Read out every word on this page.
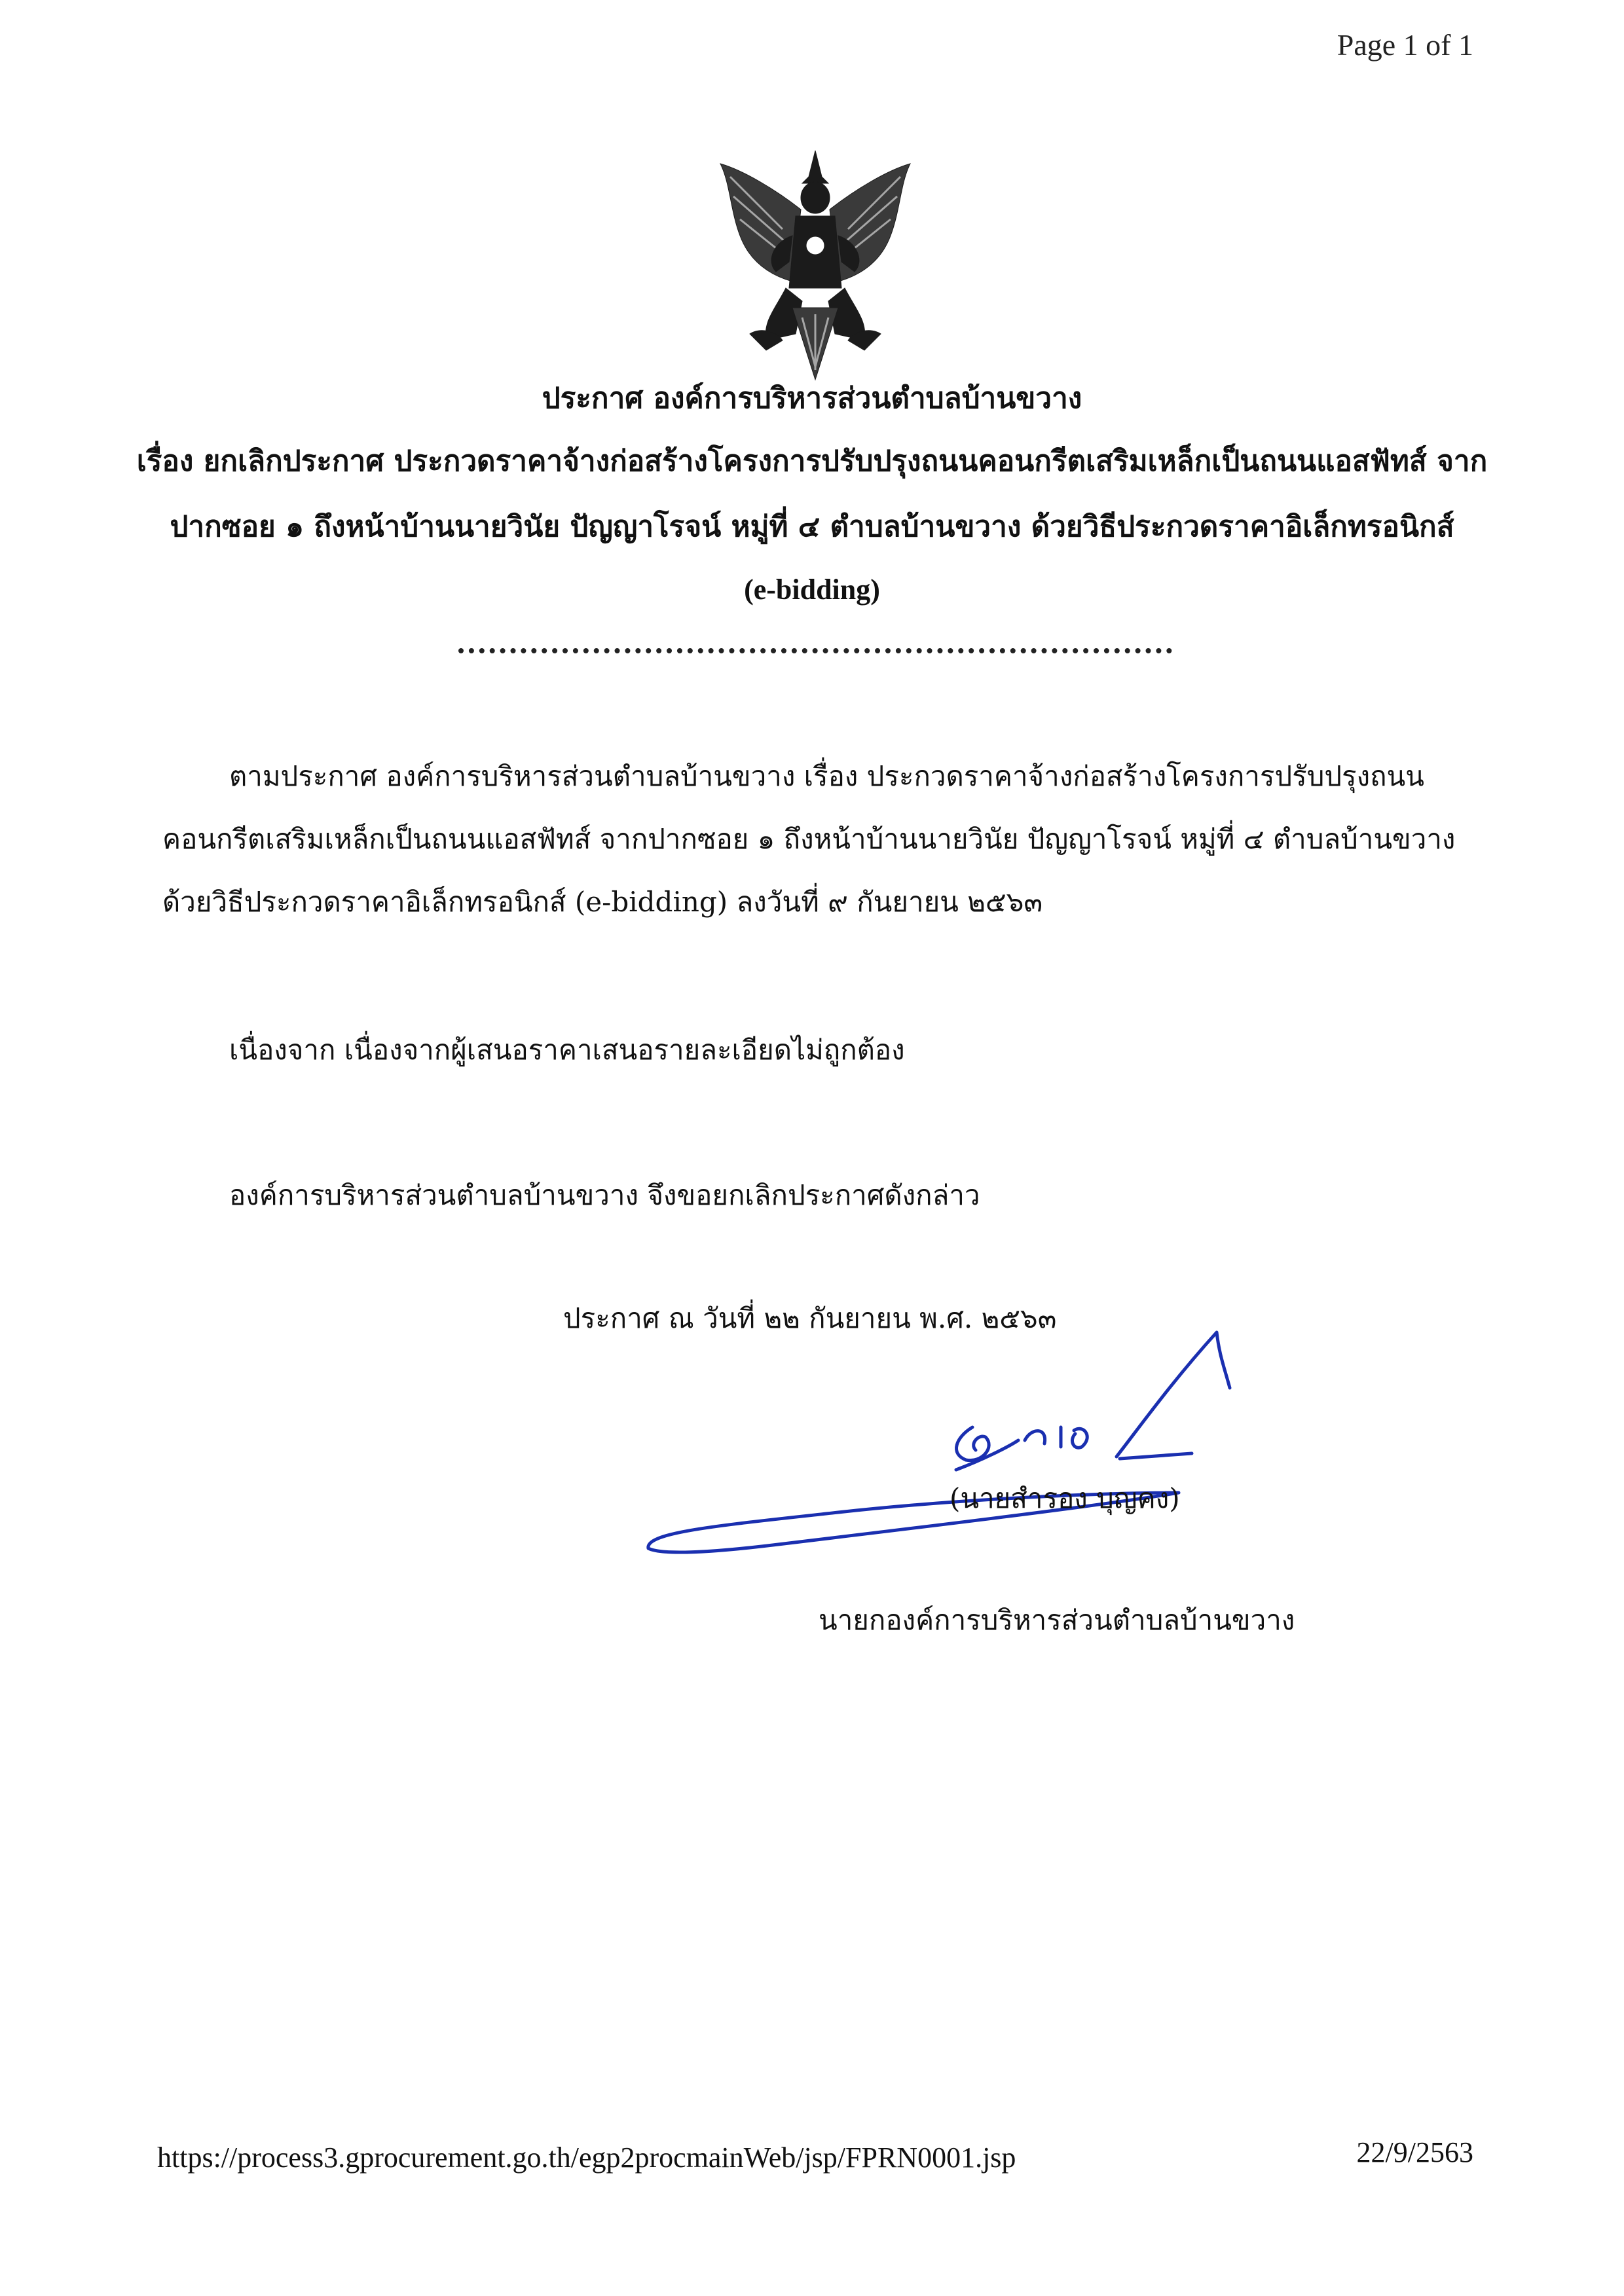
Page 1 of 1
ประกาศ องค์การบริหารส่วนตำบลบ้านขวาง
เรื่อง ยกเลิกประกาศ ประกวดราคาจ้างก่อสร้างโครงการปรับปรุงถนนคอนกรีตเสริมเหล็กเป็นถนนแอสฟัทส์ จาก
ปากซอย ๑ ถึงหน้าบ้านนายวินัย ปัญญาโรจน์ หมู่ที่ ๔ ตำบลบ้านขวาง ด้วยวิธีประกวดราคาอิเล็กทรอนิกส์
(e-bidding)
ตามประกาศ องค์การบริหารส่วนตำบลบ้านขวาง เรื่อง ประกวดราคาจ้างก่อสร้างโครงการปรับปรุงถนน
คอนกรีตเสริมเหล็กเป็นถนนแอสฟัทส์ จากปากซอย ๑ ถึงหน้าบ้านนายวินัย ปัญญาโรจน์ หมู่ที่ ๔ ตำบลบ้านขวาง
ด้วยวิธีประกวดราคาอิเล็กทรอนิกส์ (e-bidding) ลงวันที่ ๙ กันยายน ๒๕๖๓
เนื่องจาก เนื่องจากผู้เสนอราคาเสนอรายละเอียดไม่ถูกต้อง
องค์การบริหารส่วนตำบลบ้านขวาง จึงขอยกเลิกประกาศดังกล่าว
ประกาศ ณ วันที่ ๒๒ กันยายน พ.ศ. ๒๕๖๓
(นายสำรอง บุญคง)
นายกองค์การบริหารส่วนตำบลบ้านขวาง
https://process3.gprocurement.go.th/egp2procmainWeb/jsp/FPRN0001.jsp	22/9/2563
